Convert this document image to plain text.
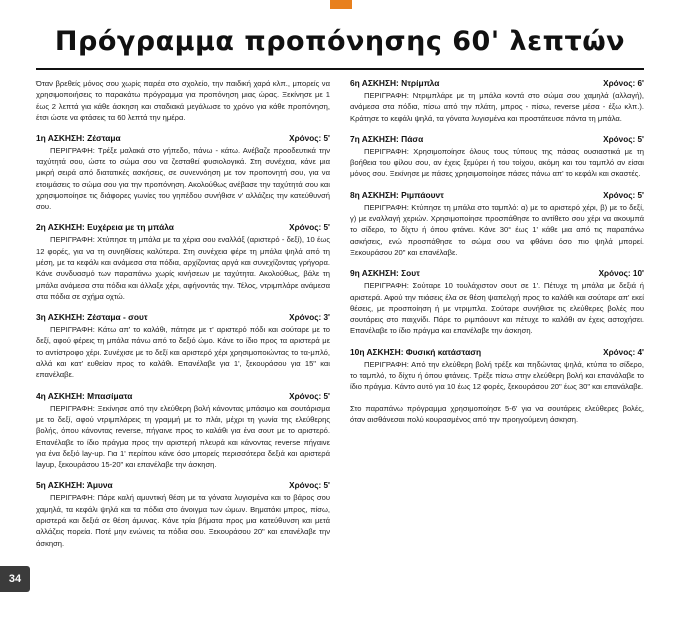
Πρόγραμμα προπόνησης 60' λεπτών

Όταν βρεθείς μόνος σου χωρίς παρέα στο σχολείο, την παιδική χαρά κλπ., μπορείς να χρησιμοποιήσεις το παρακάτω πρόγραμμα για προπόνηση μιας ώρας. Ξεκίνησε με 1 έως 2 λεπτά για κάθε άσκηση και σταδιακά μεγάλωσε το χρόνο για κάθε προπόνηση, έτσι ώστε να φτάσεις τα 60 λεπτά την ημέρα.

1η ΑΣΚΗΣΗ: Ζέσταμα	Χρόνος: 5'

ΠΕΡΙΓΡΑΦΗ: Τρέξε μαλακά στο γήπεδο, πάνω - κάτω. Ανέβαζε προοδευτικά την ταχύτητά σου, ώστε το σώμα σου να ζεσταθεί φυσιολογικά. Στη συνέχεια, κάνε μια μικρή σειρά από διατατικές ασκήσεις, σε συνεννόηση με τον προπονητή σου, για να ετοιμάσεις το σώμα σου για την προπόνηση. Ακολούθως ανέβασε την ταχύτητά σου και χρησιμοποίησε τις διάφορες γωνίες του γηπέδου συνήθισε ν' αλλάζεις την κατεύθυνσή σου.

2η ΑΣΚΗΣΗ: Ευχέρεια με τη μπάλα	Χρόνος: 5'

ΠΕΡΙΓΡΑΦΗ: Χτύπησε τη μπάλα με τα χέρια σου εναλλάξ (αριστερό - δεξί), 10 έως 12 φορές, για να τη συνηθίσεις καλύτερα. Στη συνέχεια φέρε τη μπάλα ψηλά από τη μέση, με τα κεφάλι και ανάμεσα στα πόδια, αρχίζοντας αργά και συνεχίζοντας γρήγορα. Κάνε συνδυασμό των παραπάνω χωρίς κινήσεων με ταχύτητα. Ακολούθως, βάλε τη μπάλα ανάμεσα στα πόδια και άλλαξε χέρι, αφήνοντάς την. Τέλος, ντριμπλάρε ανάμεσα στα πόδια σε σχήμα οχτώ.

3η ΑΣΚΗΣΗ: Ζέσταμα - σουτ	Χρόνος: 3'

ΠΕΡΙΓΡΑΦΗ: Κάτω απ' το καλάθι, πάτησε με τ' αριστερό πόδι και σούταρε με το δεξί, αφού φέρεις τη μπάλα πάνω από το δεξιό ώμο. Κάνε το ίδιο προς τα αριστερά με το αντίστροφο χέρι. Συνέχισε με το δεξί και αριστερό χέρι χρησιμοποιώντας το τα-μπλό, αλλά και κατ' ευθείαν προς το καλάθι. Επανέλαβε για 1', ξεκουράσου για 15" και επανέλαβε.

4η ΑΣΚΗΣΗ: Μπασίματα	Χρόνος: 5'

ΠΕΡΙΓΡΑΦΗ: Ξεκίνησε από την ελεύθερη βολή κάνοντας μπάσιμο και σουτάρισμα με το δεξί, αφού ντριμπλάρεις τη γραμμή με το πλάι, μέχρι τη γωνία της ελεύθερης βολής, όπου κάνοντας reverse, πήγαινε προς το καλάθι για ένα σουτ με το αριστερό. Επανέλαβε το ίδιο πράγμα προς την αριστερή πλευρά και κάνοντας reverse πήγαινε για ένα δεξιό lay-up. Για 1' περίπου κάνε όσο μπορείς περισσότερα δεξιά και αριστερά layup, ξεκουράσου 15-20" και επανέλαβε την άσκηση.

5η ΑΣΚΗΣΗ: Άμυνα	Χρόνος: 5'

ΠΕΡΙΓΡΑΦΗ: Πάρε καλή αμυντική θέση με τα γόνατα λυγισμένα και το βάρος σου χαμηλά, τα κεφάλι ψηλά και τα πόδια στο άνοιγμα των ώμων. Βηματάκι μπρος, πίσω, αριστερά και δεξιά σε θέση άμυνας. Κάνε τρία βήματα προς μια κατεύθυνση και μετά αλλάζεις πορεία. Ποτέ μην ενώνεις τα πόδια σου. Ξεκουράσου 20" και επανέλαβε την άσκηση.

6η ΑΣΚΗΣΗ: Ντρίμπλα	Χρόνος: 6'

ΠΕΡΙΓΡΑΦΗ: Ντριμπλάρε με τη μπάλα κοντά στο σώμα σου χαμηλά (αλλαγή), ανάμεσα στα πόδια, πίσω από την πλάτη, μπρος - πίσω, reverse μέσα - έξω κλπ.). Κράτησε το κεφάλι ψηλά, τα γόνατα λυγισμένα και προστάτευσε πάντα τη μπάλα.

7η ΑΣΚΗΣΗ: Πάσα	Χρόνος: 5'

ΠΕΡΙΓΡΑΦΗ: Χρησιμοποίησε όλους τους τύπους της πάσας ουσιαστικά με τη βοήθεια του φίλου σου, αν έχεις ξεμύρει ή του τοίχου, ακόμη και του ταμπλό αν είσαι μόνος σου. Ξεκίνησε με πάσες χρησιμοποίησε πάσες πάνω απ' το κεφάλι και σκαστές.

8η ΑΣΚΗΣΗ: Ριμπάουντ	Χρόνος: 5'

ΠΕΡΙΓΡΑΦΗ: Κτύπησε τη μπάλα στο ταμπλό: α) με το αριστερό χέρι, β) με το δεξί, γ) με εναλλαγή χεριών. Χρησιμοποίησε προσπάθησε το αντίθετο σου χέρι να ακουμπά το σίδερο, το δίχτυ ή όπου φτάνει. Κάνε 30° έως 1' κάθε μια από τις παραπάνω ασκήσεις, ενώ προσπάθησε το σώμα σου να φθάνει όσο πιο ψηλά μπορεί. Ξεκουράσου 20" και επανέλαβε.

9η ΑΣΚΗΣΗ: Σουτ	Χρόνος: 10'

ΠΕΡΙΓΡΑΦΗ: Σούταρε 10 τουλάχιστον σουτ σε 1'. Πέτυχε τη μπάλα με δεξιά ή αριστερά. Αφού την πιάσεις έλα σε θέση ψαπελιχή προς το καλάθι και σούταρε απ' εκεί θέσεις, με προσποίηση ή με ντριμπλα. Σούταρε συνήθισε τις ελεύθερες βολές που σουτάρεις στο παιχνίδι. Πάρε το ριμπάουντ και πέτυχε το καλάθι αν έχεις αστοχήσει. Επανέλαβε το ίδιο πράγμα και επανέλαβε την άσκηση.

10η ΑΣΚΗΣΗ: Φυσική κατάσταση	Χρόνος: 4'

ΠΕΡΙΓΡΑΦΗ: Από την ελεύθερη βολή τρέξε και πηδώντας ψηλά, κτύπα το σίδερο, το ταμπλό, το δίχτυ ή όπου φτάνεις. Τρέξε πίσω στην ελεύθερη βολή και επανάλαβε το ίδιο πράγμα. Κάντο αυτό για 10 έως 12 φορές, ξεκουράσου 20" έως 30" και επανάλαβε.

Στο παραπάνω πρόγραμμα χρησιμοποίησε 5-6' για να σουτάρεις ελεύθερες βολές, όταν αισθάνεσαι πολύ κουρασμένος από την προηγούμενη άσκηση.

34
